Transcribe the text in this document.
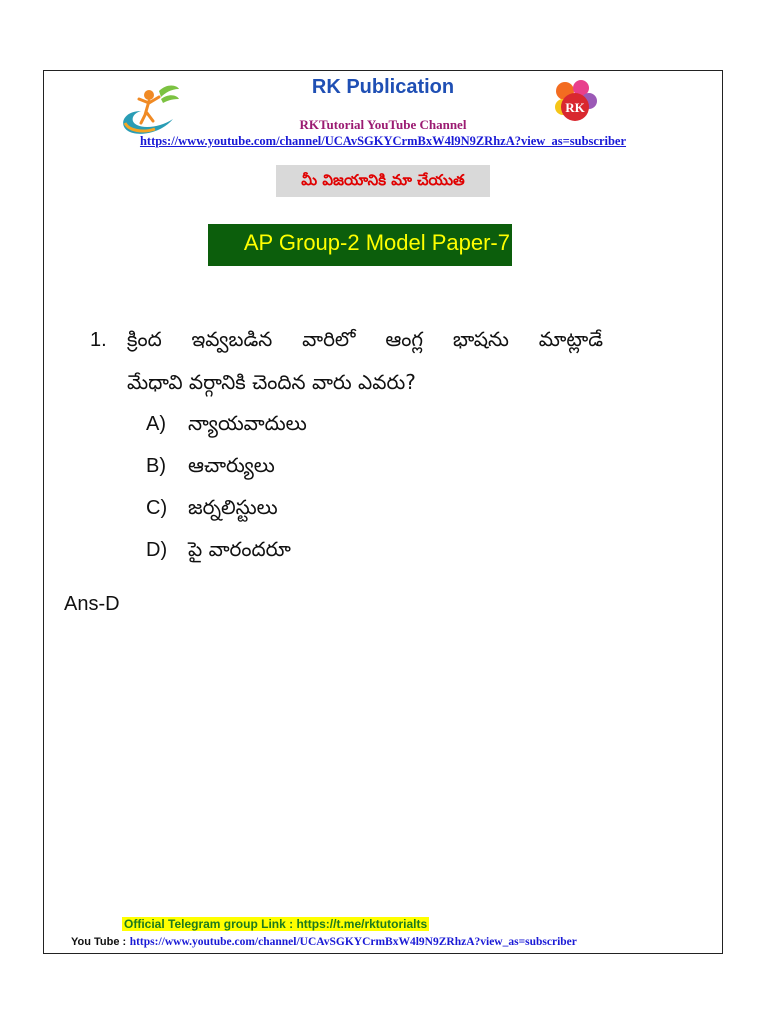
RK Publication
RK
RKTutorial YouTube Channel
https://www.youtube.com/channel/UCAvSGKYCrmBxW4l9N9ZRhzA?view_as=subscriber
మీ విజయానికి మా చేయుత
AP Group-2 Model Paper-7
1. క్రింద ఇవ్వబడిన వారిలో ఆంగ్ల భాషను మాట్లాడే
మేధావి వర్గానికి చెందిన వారు ఎవరు?
A) న్యాయవాదులు
B) ఆచార్యులు
C) జర్నలిస్టులు
D) పై వారందరూ
Ans-D
Official Telegram group Link : https://t.me/rktutorialts
You Tube : https://www.youtube.com/channel/UCAvSGKYCrmBxW4l9N9ZRhzA?view_as=subscriber
